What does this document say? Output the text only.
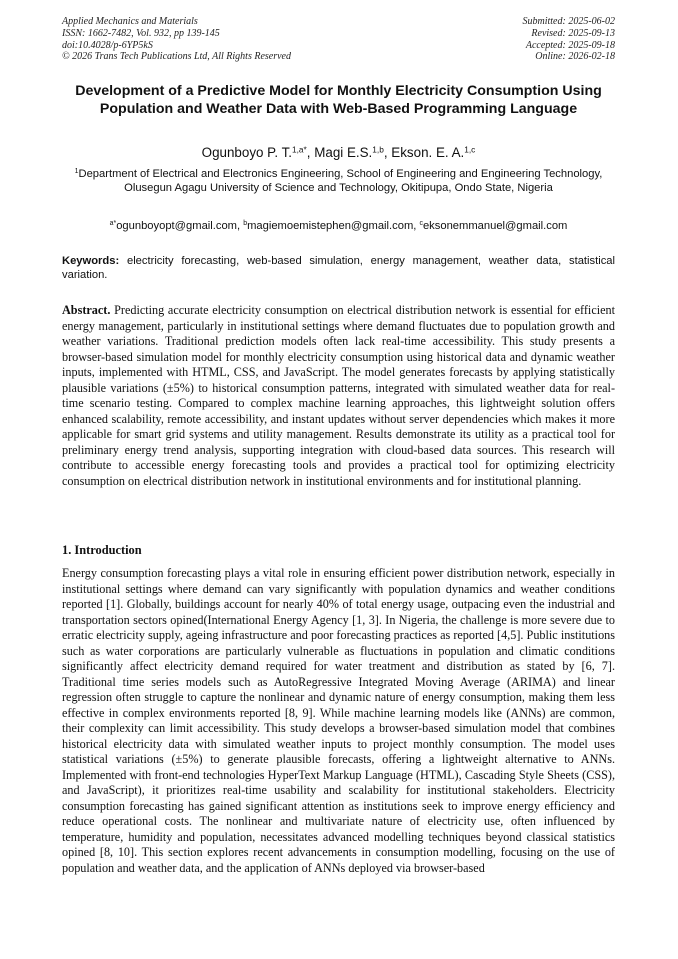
Applied Mechanics and Materials
ISSN: 1662-7482, Vol. 932, pp 139-145
doi:10.4028/p-6YP5kS
© 2026 Trans Tech Publications Ltd, All Rights Reserved
Submitted: 2025-06-02
Revised: 2025-09-13
Accepted: 2025-09-18
Online: 2026-02-18
Development of a Predictive Model for Monthly Electricity Consumption Using Population and Weather Data with Web-Based Programming Language
Ogunboyo P. T.$^{1,a*}$, Magi E.S.$^{1,b}$, Ekson. E. A.$^{1,c}$
$^1$Department of Electrical and Electronics Engineering, School of Engineering and Engineering Technology, Olusegun Agagu University of Science and Technology, Okitipupa, Ondo State, Nigeria
$^{a*}$ogunboyopt@gmail.com, $^b$magiemoemistephen@gmail.com, $^c$eksonemmanuel@gmail.com
Keywords: electricity forecasting, web-based simulation, energy management, weather data, statistical variation.
Abstract. Predicting accurate electricity consumption on electrical distribution network is essential for efficient energy management, particularly in institutional settings where demand fluctuates due to population growth and weather variations. Traditional prediction models often lack real-time accessibility. This study presents a browser-based simulation model for monthly electricity consumption using historical data and dynamic weather inputs, implemented with HTML, CSS, and JavaScript. The model generates forecasts by applying statistically plausible variations (±5%) to historical consumption patterns, integrated with simulated weather data for real-time scenario testing. Compared to complex machine learning approaches, this lightweight solution offers enhanced scalability, remote accessibility, and instant updates without server dependencies which makes it more applicable for smart grid systems and utility management. Results demonstrate its utility as a practical tool for preliminary energy trend analysis, supporting integration with cloud-based data sources. This research will contribute to accessible energy forecasting tools and provides a practical tool for optimizing electricity consumption on electrical distribution network in institutional environments and for institutional planning.
1. Introduction
Energy consumption forecasting plays a vital role in ensuring efficient power distribution network, especially in institutional settings where demand can vary significantly with population dynamics and weather conditions reported [1]. Globally, buildings account for nearly 40% of total energy usage, outpacing even the industrial and transportation sectors opined(International Energy Agency [1, 3]. In Nigeria, the challenge is more severe due to erratic electricity supply, ageing infrastructure and poor forecasting practices as reported [4,5]. Public institutions such as water corporations are particularly vulnerable as fluctuations in population and climatic conditions significantly affect electricity demand required for water treatment and distribution as stated by [6, 7]. Traditional time series models such as AutoRegressive Integrated Moving Average (ARIMA) and linear regression often struggle to capture the nonlinear and dynamic nature of energy consumption, making them less effective in complex environments reported [8, 9]. While machine learning models like (ANNs) are common, their complexity can limit accessibility. This study develops a browser-based simulation model that combines historical electricity data with simulated weather inputs to project monthly consumption. The model uses statistical variations (±5%) to generate plausible forecasts, offering a lightweight alternative to ANNs. Implemented with front-end technologies HyperText Markup Language (HTML), Cascading Style Sheets (CSS), and JavaScript), it prioritizes real-time usability and scalability for institutional stakeholders. Electricity consumption forecasting has gained significant attention as institutions seek to improve energy efficiency and reduce operational costs. The nonlinear and multivariate nature of electricity use, often influenced by temperature, humidity and population, necessitates advanced modelling techniques beyond classical statistics opined [8, 10]. This section explores recent advancements in consumption modelling, focusing on the use of population and weather data, and the application of ANNs deployed via browser-based
